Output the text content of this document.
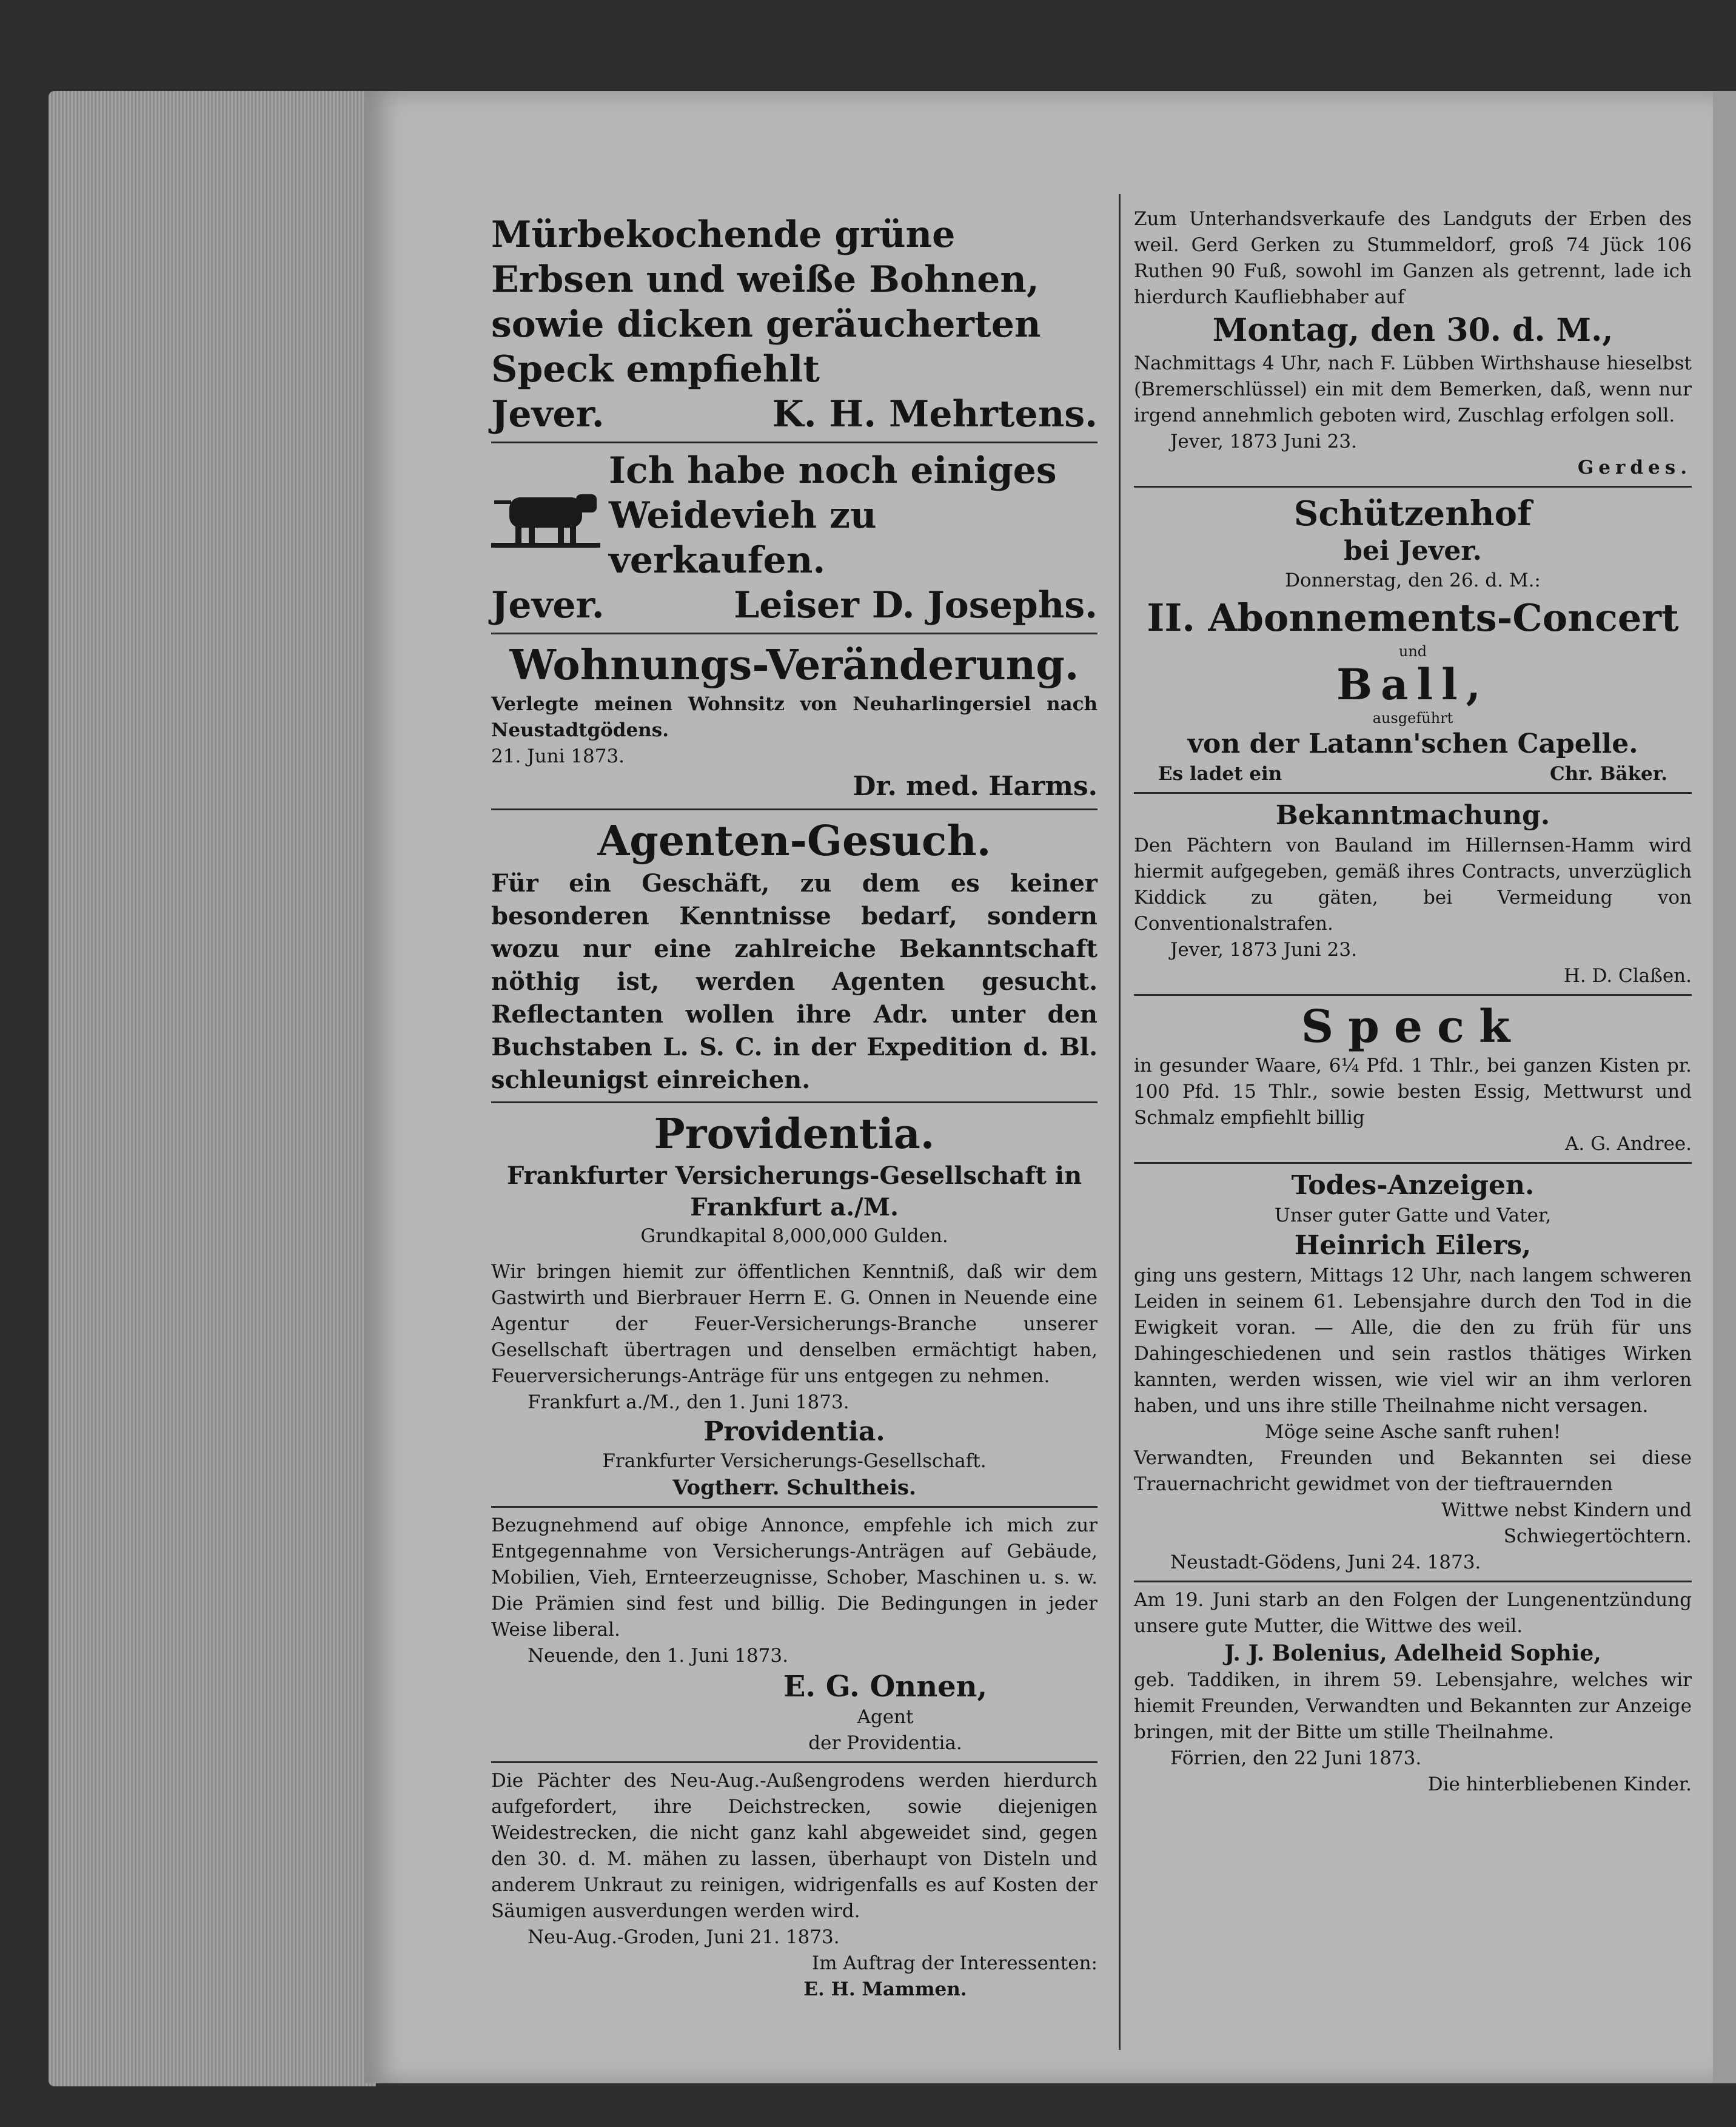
Mürbekochende grüne Erbsen und weiße Bohnen, sowie dicken geräucherten Speck empfiehlt

Jever.	K. H. Mehrtens.

Ich habe noch einiges Weidevieh zu verkaufen.

Jever.	Leiser D. Josephs.

Wohnungs-Veränderung.

Verlegte meinen Wohnsitz von Neuharlingersiel nach Neustadtgödens.

21. Juni 1873.

Dr. med. Harms.

Agenten-Gesuch.

Für ein Geschäft, zu dem es keiner besonderen Kenntnisse bedarf, sondern wozu nur eine zahlreiche Bekanntschaft nöthig ist, werden Agenten gesucht. Reflectanten wollen ihre Adr. unter den Buchstaben L. S. C. in der Expedition d. Bl. schleunigst einreichen.

Providentia.

Frankfurter Versicherungs-Gesellschaft in Frankfurt a./M.

Grundkapital 8,000,000 Gulden.

Wir bringen hiemit zur öffentlichen Kenntniß, daß wir dem Gastwirth und Bierbrauer Herrn E. G. Onnen in Neuende eine Agentur der Feuer-Versicherungs-Branche unserer Gesellschaft übertragen und denselben ermächtigt haben, Feuerversicherungs-Anträge für uns entgegen zu nehmen.

Frankfurt a./M., den 1. Juni 1873.

Providentia.

Frankfurter Versicherungs-Gesellschaft.

Vogtherr. Schultheis.

Bezugnehmend auf obige Annonce, empfehle ich mich zur Entgegennahme von Versicherungs-Anträgen auf Gebäude, Mobilien, Vieh, Ernteerzeugnisse, Schober, Maschinen u. s. w. Die Prämien sind fest und billig. Die Bedingungen in jeder Weise liberal.

Neuende, den 1. Juni 1873.

E. G. Onnen,

Agent

der Providentia.

Die Pächter des Neu-Aug.-Außengrodens werden hierdurch aufgefordert, ihre Deichstrecken, sowie diejenigen Weidestrecken, die nicht ganz kahl abgeweidet sind, gegen den 30. d. M. mähen zu lassen, überhaupt von Disteln und anderem Unkraut zu reinigen, widrigenfalls es auf Kosten der Säumigen ausverdungen werden wird.

Neu-Aug.-Groden, Juni 21. 1873.

Im Auftrag der Interessenten:

E. H. Mammen.

Zum Unterhandsverkaufe des Landguts der Erben des weil. Gerd Gerken zu Stummeldorf, groß 74 Jück 106 Ruthen 90 Fuß, sowohl im Ganzen als getrennt, lade ich hierdurch Kaufliebhaber auf

Montag, den 30. d. M.,

Nachmittags 4 Uhr, nach F. Lübben Wirthshause hieselbst (Bremerschlüssel) ein mit dem Bemerken, daß, wenn nur irgend annehmlich geboten wird, Zuschlag erfolgen soll.

Jever, 1873 Juni 23.

Gerdes.

Schützenhof

bei Jever.

Donnerstag, den 26. d. M.:

II. Abonnements-Concert

und

Ball,

ausgeführt

von der Latann'schen Capelle.

Es ladet ein	Chr. Bäker.

Bekanntmachung.

Den Pächtern von Bauland im Hillernsen-Hamm wird hiermit aufgegeben, gemäß ihres Contracts, unverzüglich Kiddick zu gäten, bei Vermeidung von Conventionalstrafen.

Jever, 1873 Juni 23.

H. D. Claßen.

Speck

in gesunder Waare, 6¼ Pfd. 1 Thlr., bei ganzen Kisten pr. 100 Pfd. 15 Thlr., sowie besten Essig, Mettwurst und Schmalz empfiehlt billig

A. G. Andree.

Todes-Anzeigen.

Unser guter Gatte und Vater,

Heinrich Eilers,

ging uns gestern, Mittags 12 Uhr, nach langem schweren Leiden in seinem 61. Lebensjahre durch den Tod in die Ewigkeit voran. — Alle, die den zu früh für uns Dahingeschiedenen und sein rastlos thätiges Wirken kannten, werden wissen, wie viel wir an ihm verloren haben, und uns ihre stille Theilnahme nicht versagen.

Möge seine Asche sanft ruhen!

Verwandten, Freunden und Bekannten sei diese Trauernachricht gewidmet von der tieftrauernden

Wittwe nebst Kindern und

Schwiegertöchtern.

Neustadt-Gödens, Juni 24. 1873.

Am 19. Juni starb an den Folgen der Lungenentzündung unsere gute Mutter, die Wittwe des weil.

J. J. Bolenius, Adelheid Sophie,

geb. Taddiken, in ihrem 59. Lebensjahre, welches wir hiemit Freunden, Verwandten und Bekannten zur Anzeige bringen, mit der Bitte um stille Theilnahme.

Förrien, den 22 Juni 1873.

Die hinterbliebenen Kinder.
